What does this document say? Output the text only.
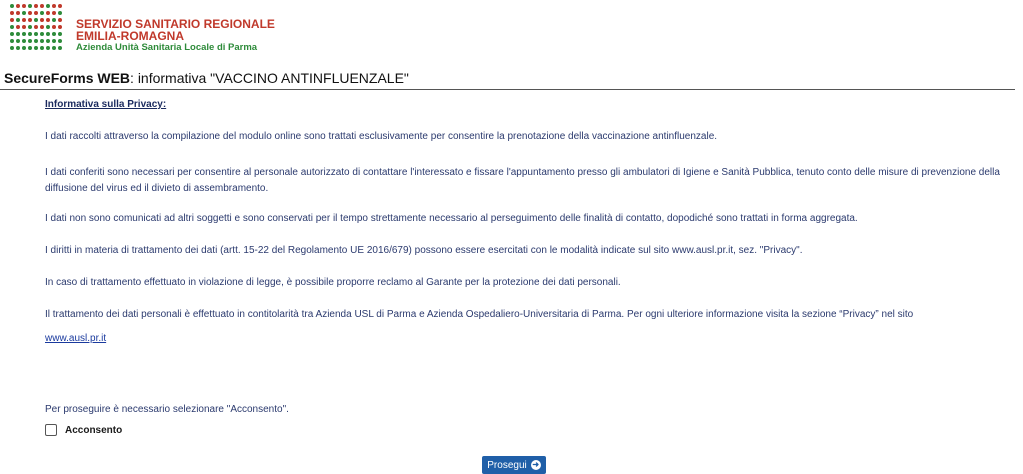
SERVIZIO SANITARIO REGIONALE
EMILIA-ROMAGNA
Azienda Unità Sanitaria Locale di Parma
SecureForms WEB: informativa "VACCINO ANTINFLUENZALE"
Informativa sulla Privacy:

I dati raccolti attraverso la compilazione del modulo online sono trattati esclusivamente per consentire la prenotazione della vaccinazione antinfluenzale.

I dati conferiti sono necessari per consentire al personale autorizzato di contattare l'interessato e fissare l'appuntamento presso gli ambulatori di Igiene e Sanità Pubblica, tenuto conto delle misure di prevenzione della diffusione del virus ed il divieto di assembramento.

I dati non sono comunicati ad altri soggetti e sono conservati per il tempo strettamente necessario al perseguimento delle finalità di contatto, dopodiché sono trattati in forma aggregata.

I diritti in materia di trattamento dei dati (artt. 15-22 del Regolamento UE 2016/679) possono essere esercitati con le modalità indicate sul sito www.ausl.pr.it, sez. "Privacy".

In caso di trattamento effettuato in violazione di legge, è possibile proporre reclamo al Garante per la protezione dei dati personali.

Il trattamento dei dati personali è effettuato in contitolarità tra Azienda USL di Parma e Azienda Ospedaliero-Universitaria di Parma. Per ogni ulteriore informazione visita la sezione “Privacy” nel sito

www.ausl.pr.it

Per proseguire è necessario selezionare "Acconsento".
Acconsento
Prosegui ➜
